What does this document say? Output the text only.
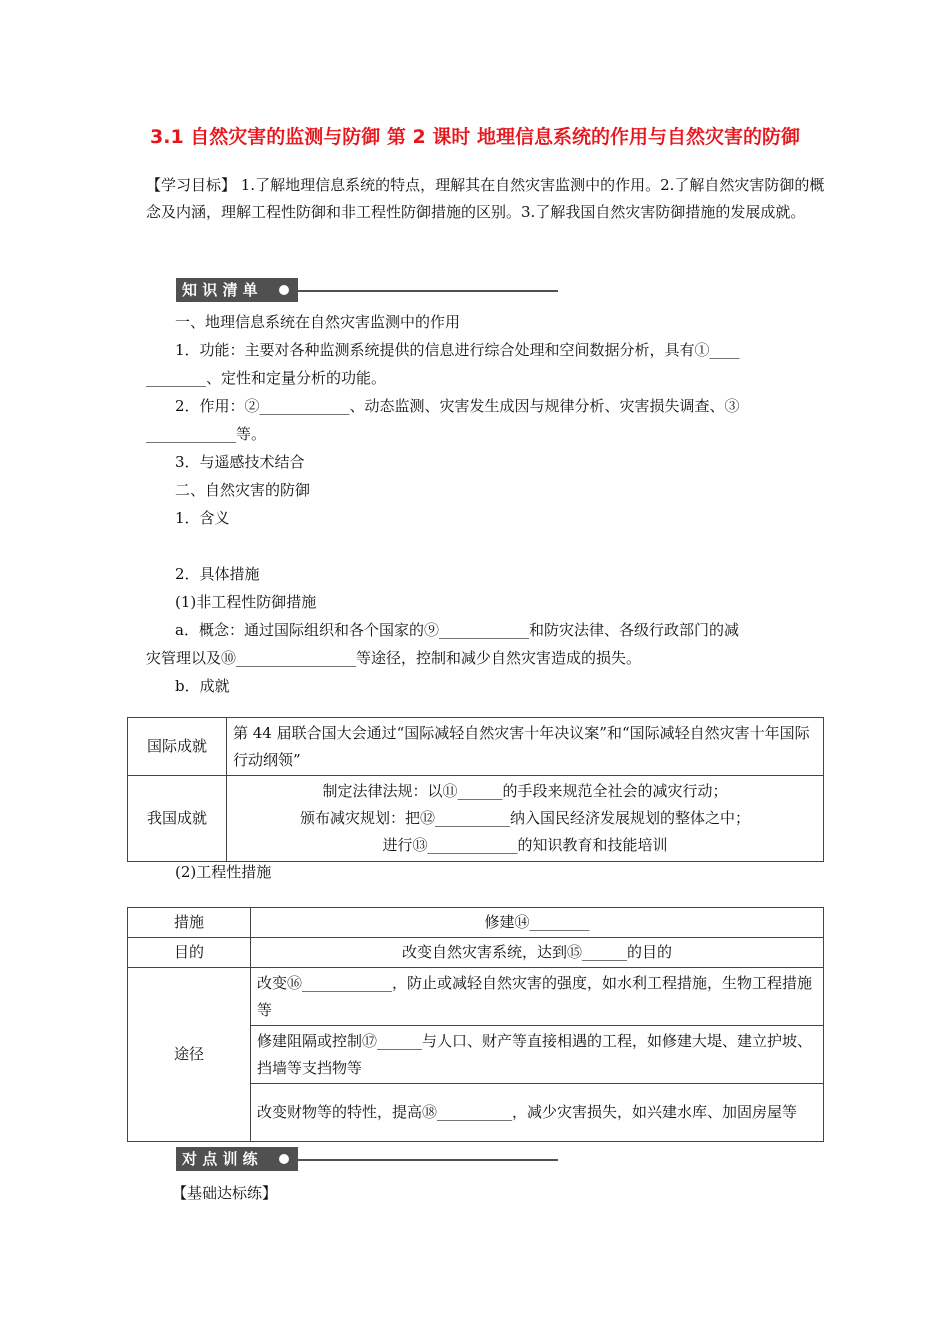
3.1 自然灾害的监测与防御 第 2 课时 地理信息系统的作用与自然灾害的防御
【学习目标】 1.了解地理信息系统的特点，理解其在自然灾害监测中的作用。2.了解自然灾害防御的概念及内涵，理解工程性防御和非工程性防御措施的区别。3.了解我国自然灾害防御措施的发展成就。
知 识 清 单
一、地理信息系统在自然灾害监测中的作用
1．功能：主要对各种监测系统提供的信息进行综合处理和空间数据分析，具有①____
________、定性和定量分析的功能。
2．作用：②____________、动态监测、灾害发生成因与规律分析、灾害损失调查、③
____________等。
3．与遥感技术结合
二、自然灾害的防御
1．含义
2．具体措施
(1)非工程性防御措施
a．概念：通过国际组织和各个国家的⑨____________和防灾法律、各级行政部门的减
灾管理以及⑩________________等途径，控制和减少自然灾害造成的损失。
b．成就
国际成就	第 44 届联合国大会通过“国际减轻自然灾害十年决议案”和“国际减轻自然灾害十年国际行动纲领”
我国成就	制定法律法规：以⑪______的手段来规范全社会的减灾行动；
颁布减灾规划：把⑫__________纳入国民经济发展规划的整体之中；
进行⑬____________的知识教育和技能培训
(2)工程性措施
措施	修建⑭________
目的	改变自然灾害系统，达到⑮______的目的
途径	改变⑯____________，防止或减轻自然灾害的强度，如水利工程措施，生物工程措施等
	修建阻隔或控制⑰______与人口、财产等直接相遇的工程，如修建大堤、建立护坡、挡墙等支挡物等
	改变财物等的特性，提高⑱__________，减少灾害损失，如兴建水库、加固房屋等
对 点 训 练
【基础达标练】
